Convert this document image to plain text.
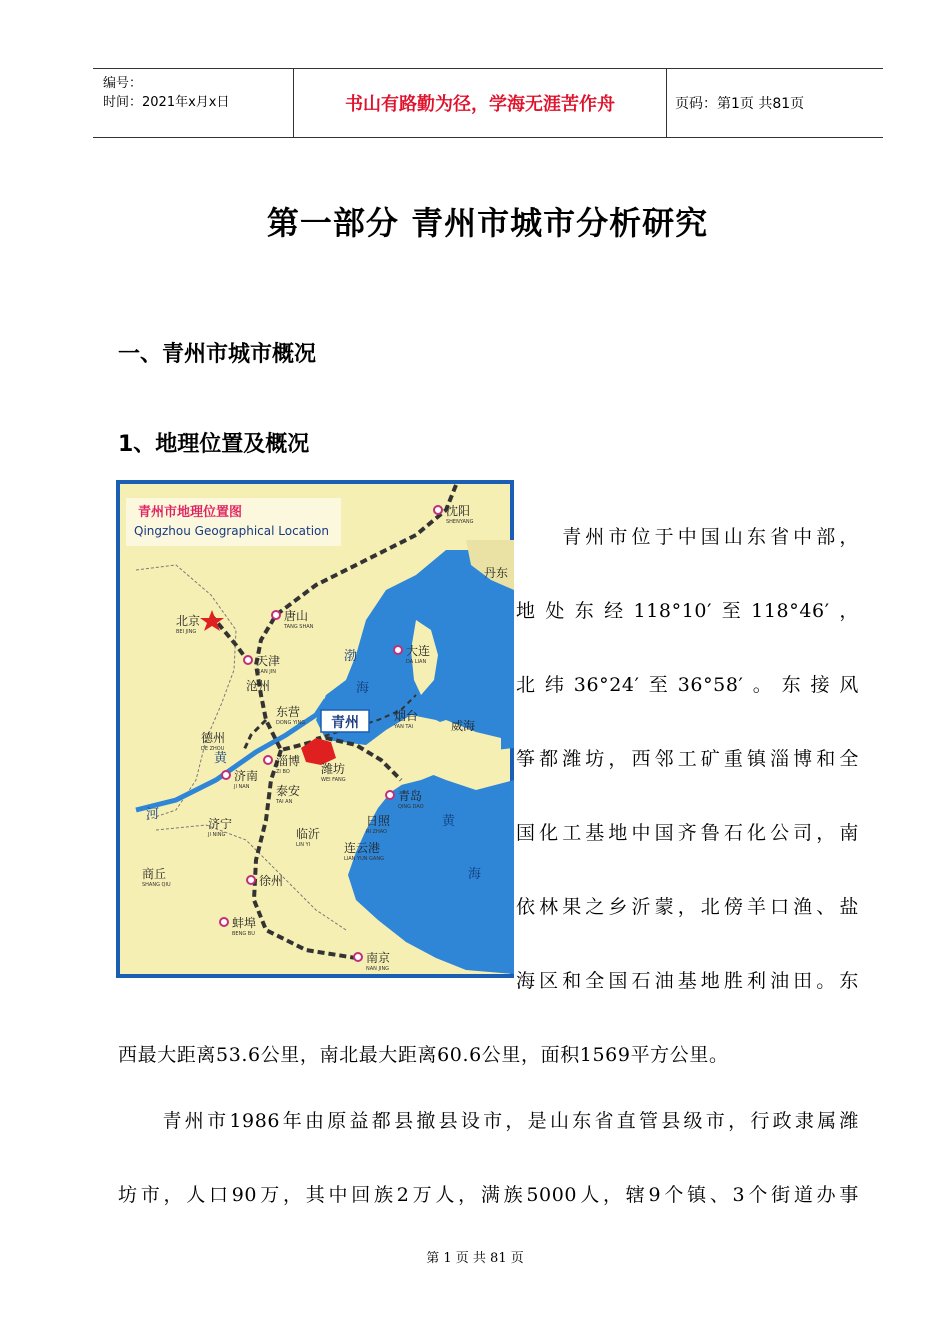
编号：
时间：2021年x月x日	书山有路勤为径，学海无涯苦作舟	页码：第1页 共81页
第一部分 青州市城市分析研究
一、青州市城市概况
1、地理位置及概况
青州
青州市地理位置图
Qingzhou Geographical Location
渤
海
黄
海
黄
河
沈阳
SHENYANG
北京
BEI JING
唐山
TANG SHAN
天津
TIAN JIN
大连
DA LIAN
沧州
东营
DONG YING	烟台
YAN TAI	威海
德州
DE ZHOU
淄博
ZI BO	潍坊
WEI FANG
济南
JI NAN 泰安
TAI AN	青岛
QING DAO
日照
RI ZHAO
临沂
LIN YI
济宁
JI NING
连云港
LIAN YUN GANG
商丘
SHANG QIU	徐州
蚌埠
BENG BU
南京
NAN JING
丹东
　　青州市位于中国山东省中部，
地处东经118°10′至118°46′，
北纬36°24′至36°58′。东接风
筝都潍坊，西邻工矿重镇淄博和全
国化工基地中国齐鲁石化公司，南
依林果之乡沂蒙，北傍羊口渔、盐
海区和全国石油基地胜利油田。东
西最大距离53.6公里，南北最大距离60.6公里，面积1569平方公里。
　　青州市1986年由原益都县撤县设市，是山东省直管县级市，行政隶属潍
坊市，人口90万，其中回族2万人，满族5000人，辖9个镇、3个街道办事
第 1 页 共 81 页
